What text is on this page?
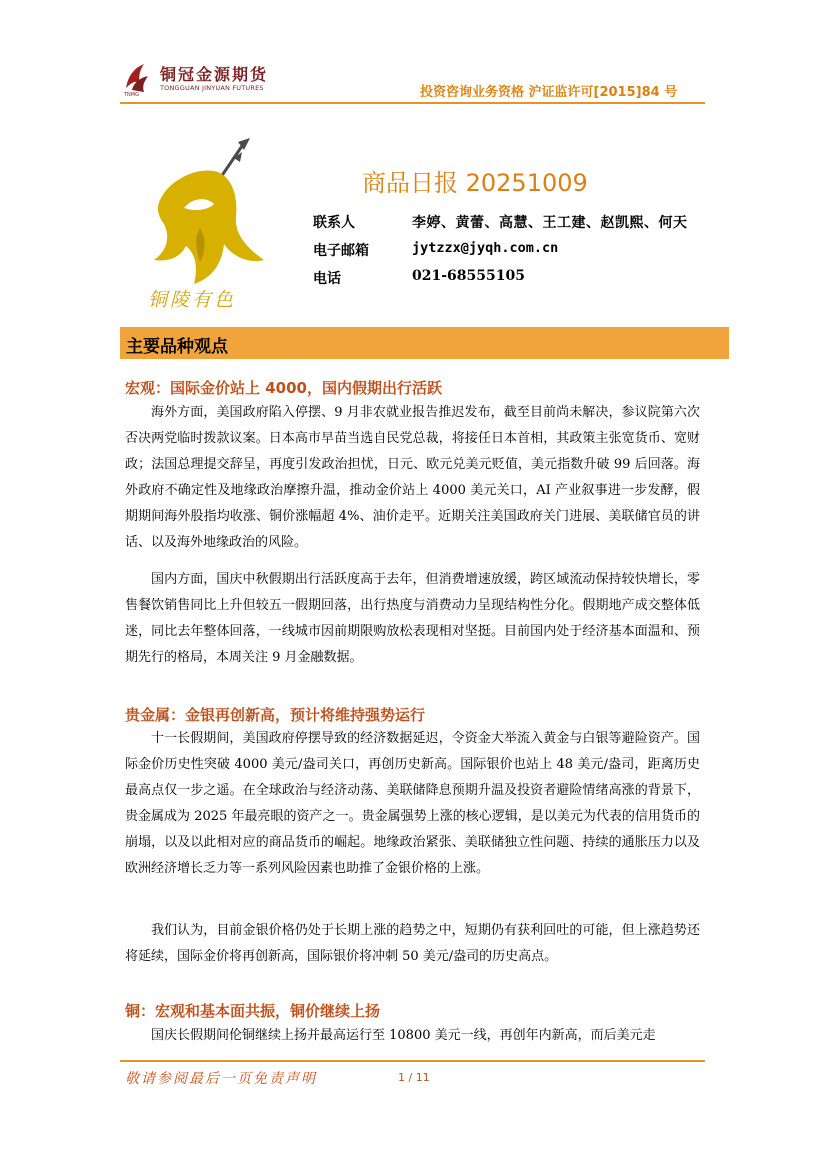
铜冠金源期货
TONGGUAN JINYUAN FUTURES
TNMG	投资咨询业务资格 沪证监许可[2015]84 号
铜陵有色
商品日报 20251009
联系人	李婷、黄蕾、高慧、王工建、赵凯熙、何天
电子邮箱	jytzzx@jyqh.com.cn
电话	021-68555105
主要品种观点
宏观：国际金价站上 4000，国内假期出行活跃
海外方面，美国政府陷入停摆、9 月非农就业报告推迟发布，截至目前尚未解决，参议院第六次否决两党临时拨款议案。日本高市早苗当选自民党总裁，将接任日本首相，其政策主张宽货币、宽财政；法国总理提交辞呈，再度引发政治担忧，日元、欧元兑美元贬值，美元指数升破 99 后回落。海外政府不确定性及地缘政治摩擦升温，推动金价站上 4000 美元关口，AI 产业叙事进一步发酵，假期期间海外股指均收涨、铜价涨幅超 4%、油价走平。近期关注美国政府关门进展、美联储官员的讲话、以及海外地缘政治的风险。
国内方面，国庆中秋假期出行活跃度高于去年，但消费增速放缓，跨区域流动保持较快增长，零售餐饮销售同比上升但较五一假期回落，出行热度与消费动力呈现结构性分化。假期地产成交整体低迷，同比去年整体回落，一线城市因前期限购放松表现相对坚挺。目前国内处于经济基本面温和、预期先行的格局，本周关注 9 月金融数据。
贵金属：金银再创新高，预计将维持强势运行
十一长假期间，美国政府停摆导致的经济数据延迟，令资金大举流入黄金与白银等避险资产。国际金价历史性突破 4000 美元/盎司关口，再创历史新高。国际银价也站上 48 美元/盎司，距离历史最高点仅一步之遥。在全球政治与经济动荡、美联储降息预期升温及投资者避险情绪高涨的背景下，贵金属成为 2025 年最亮眼的资产之一。贵金属强势上涨的核心逻辑，是以美元为代表的信用货币的崩塌，以及以此相对应的商品货币的崛起。地缘政治紧张、美联储独立性问题、持续的通胀压力以及欧洲经济增长乏力等一系列风险因素也助推了金银价格的上涨。
我们认为，目前金银价格仍处于长期上涨的趋势之中，短期仍有获利回吐的可能，但上涨趋势还将延续，国际金价将再创新高，国际银价将冲刺 50 美元/盎司的历史高点。
铜：宏观和基本面共振，铜价继续上扬
国庆长假期间伦铜继续上扬并最高运行至 10800 美元一线，再创年内新高，而后美元走
敬请参阅最后一页免责声明	1 / 11
